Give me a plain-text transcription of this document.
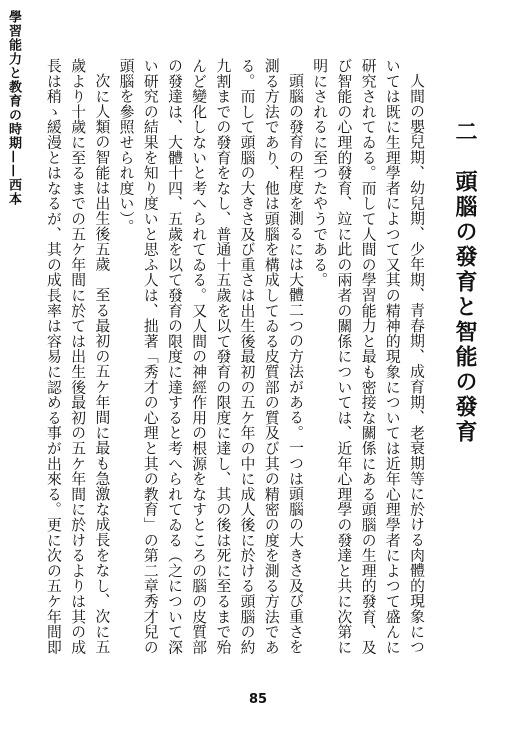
學習能力と教育の時期——西本
二　頭腦の發育と智能の發育

人間の嬰兒期、幼兒期、少年期、青春期、成育期、老衰期等に於ける肉體的現象については既に生理學者によつて又其の精神的現象については近年心理學者によつて盛んに研究されてゐる。而して人間の學習能力と最も密接な關係にある頭腦の生理的發育、及び智能の心理的發育、竝に此の兩者の關係については、近年心理學の發達と共に次第に明にされるに至つたやうである。

頭腦の發育の程度を測るには大體二つの方法がある。一つは頭腦の大きさ及び重さを測る方法であり、他は頭腦を構成してゐる皮質部の質及び其の精密の度を測る方法である。而して頭腦の大きさ及び重さは出生後最初の五ケ年の中に成人後に於ける頭腦の約九割までの發育をなし、普通十五歲を以て發育の限度に達し、其の後は死に至るまで殆んど變化しないと考へられてゐる。又人間の神經作用の根源をなすところの腦の皮質部の發達は、大體十四、五歲を以て發育の限度に達すると考へられてゐる（之について深い研究の結果を知り度いと思ふ人は、拙著「秀才の心理と其の教育」の第二章秀才兒の頭腦を參照せられ度い）。

次に人類の智能は出生後五歲　至る最初の五ケ年間に最も急激な成長をなし、次に五歲より十歲に至るまでの五ケ年間に於ては出生後最初の五ケ年間に於けるよりは其の成長は稍ゝ緩漫とはなるが、其の成長率は容易に認める事が出來る。更に次の五ケ年間即

85
